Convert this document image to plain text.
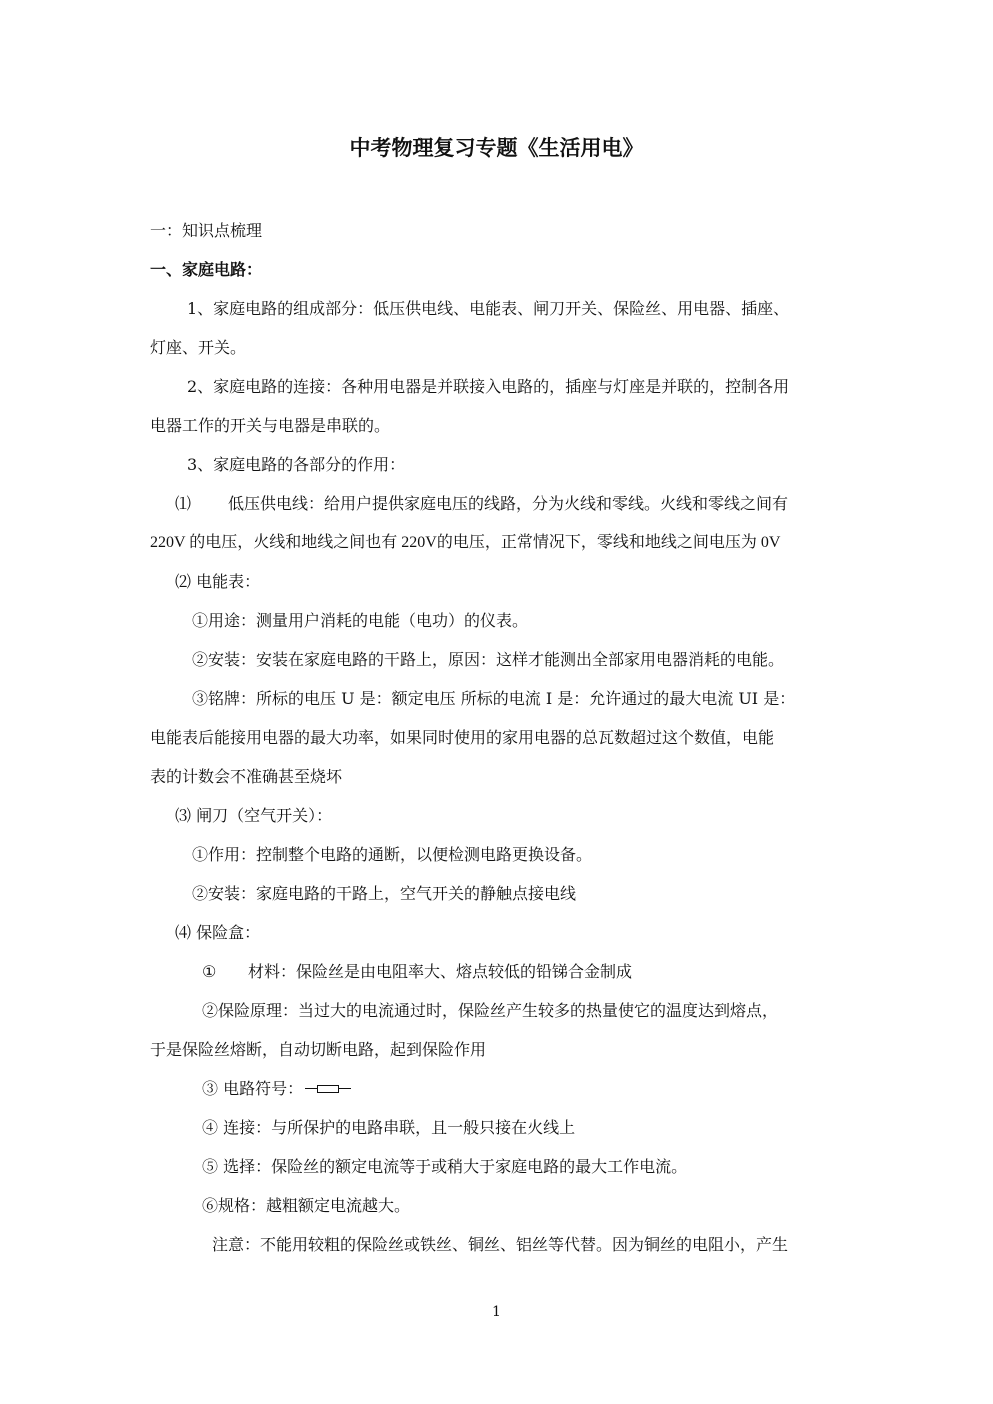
中考物理复习专题《生活用电》
一：知识点梳理
一、家庭电路：
1、家庭电路的组成部分：低压供电线、电能表、闸刀开关、保险丝、用电器、插座、
灯座、开关。
2、家庭电路的连接：各种用电器是并联接入电路的，插座与灯座是并联的，控制各用
电器工作的开关与电器是串联的。
3、家庭电路的各部分的作用：
⑴ 低压供电线：给用户提供家庭电压的线路，分为火线和零线。火线和零线之间有
220V 的电压，火线和地线之间也有 220V的电压，正常情况下，零线和地线之间电压为 0V
⑵ 电能表：
①用途：测量用户消耗的电能（电功）的仪表。
②安装：安装在家庭电路的干路上，原因：这样才能测出全部家用电器消耗的电能。
③铭牌：所标的电压 U 是：额定电压 所标的电流 I 是：允许通过的最大电流 UI 是：
电能表后能接用电器的最大功率，如果同时使用的家用电器的总瓦数超过这个数值，电能
表的计数会不准确甚至烧坏
⑶ 闸刀（空气开关）：
①作用：控制整个电路的通断，以便检测电路更换设备。
②安装：家庭电路的干路上，空气开关的静触点接电线
⑷ 保险盒：
① 材料：保险丝是由电阻率大、熔点较低的铅锑合金制成
②保险原理：当过大的电流通过时，保险丝产生较多的热量使它的温度达到熔点，
于是保险丝熔断，自动切断电路，起到保险作用
③ 电路符号：
④ 连接：与所保护的电路串联，且一般只接在火线上
⑤ 选择：保险丝的额定电流等于或稍大于家庭电路的最大工作电流。
⑥规格：越粗额定电流越大。
注意：不能用较粗的保险丝或铁丝、铜丝、铝丝等代替。因为铜丝的电阻小，产生
1
